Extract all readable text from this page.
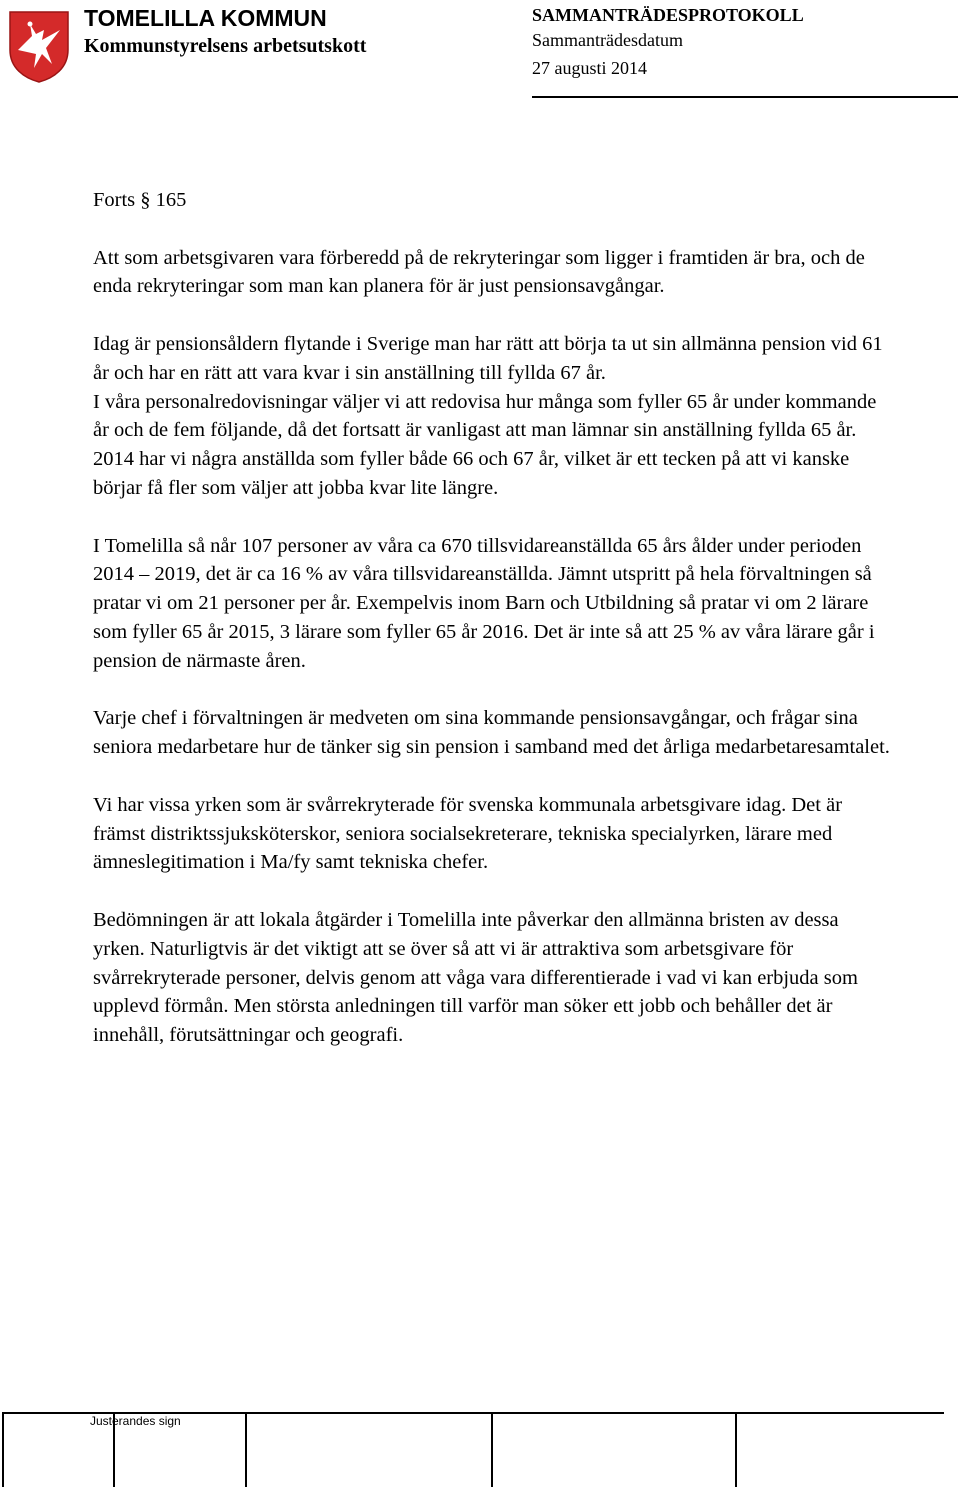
TOMELILLA KOMMUN
Kommunstyrelsens arbetsutskott
SAMMANTRÄDESPROTOKOLL
Sammanträdesdatum
27 augusti 2014

Forts § 165

Att som arbetsgivaren vara förberedd på de rekryteringar som ligger i framtiden är bra, och de enda rekryteringar som man kan planera för är just pensionsavgångar.

Idag är pensionsåldern flytande i Sverige man har rätt att börja ta ut sin allmänna pension vid 61 år och har en rätt att vara kvar i sin anställning till fyllda 67 år.

I våra personalredovisningar väljer vi att redovisa hur många som fyller 65 år under kommande år och de fem följande, då det fortsatt är vanligast att man lämnar sin anställning fyllda 65 år.

2014 har vi några anställda som fyller både 66 och 67 år, vilket är ett tecken på att vi kanske börjar få fler som väljer att jobba kvar lite längre.

I Tomelilla så når 107 personer av våra ca 670 tillsvidareanställda 65 års ålder under perioden 2014 – 2019, det är ca 16 % av våra tillsvidareanställda. Jämnt utspritt på hela förvaltningen så pratar vi om 21 personer per år. Exempelvis inom Barn och Utbildning så pratar vi om 2 lärare som fyller 65 år 2015, 3 lärare som fyller 65 år 2016. Det är inte så att 25 % av våra lärare går i pension de närmaste åren.

Varje chef i förvaltningen är medveten om sina kommande pensionsavgångar, och frågar sina seniora medarbetare hur de tänker sig sin pension i samband med det årliga medarbetaresamtalet.

Vi har vissa yrken som är svårrekryterade för svenska kommunala arbetsgivare idag. Det är främst distriktssjuksköterskor, seniora socialsekreterare, tekniska specialyrken, lärare med ämneslegitimation i Ma/fy samt tekniska chefer.

Bedömningen är att lokala åtgärder i Tomelilla inte påverkar den allmänna bristen av dessa yrken. Naturligtvis är det viktigt att se över så att vi är attraktiva som arbetsgivare för svårrekryterade personer, delvis genom att våga vara differentierade i vad vi kan erbjuda som upplevd förmån. Men största anledningen till varför man söker ett jobb och behåller det är innehåll, förutsättningar och geografi.

Justerandes sign
